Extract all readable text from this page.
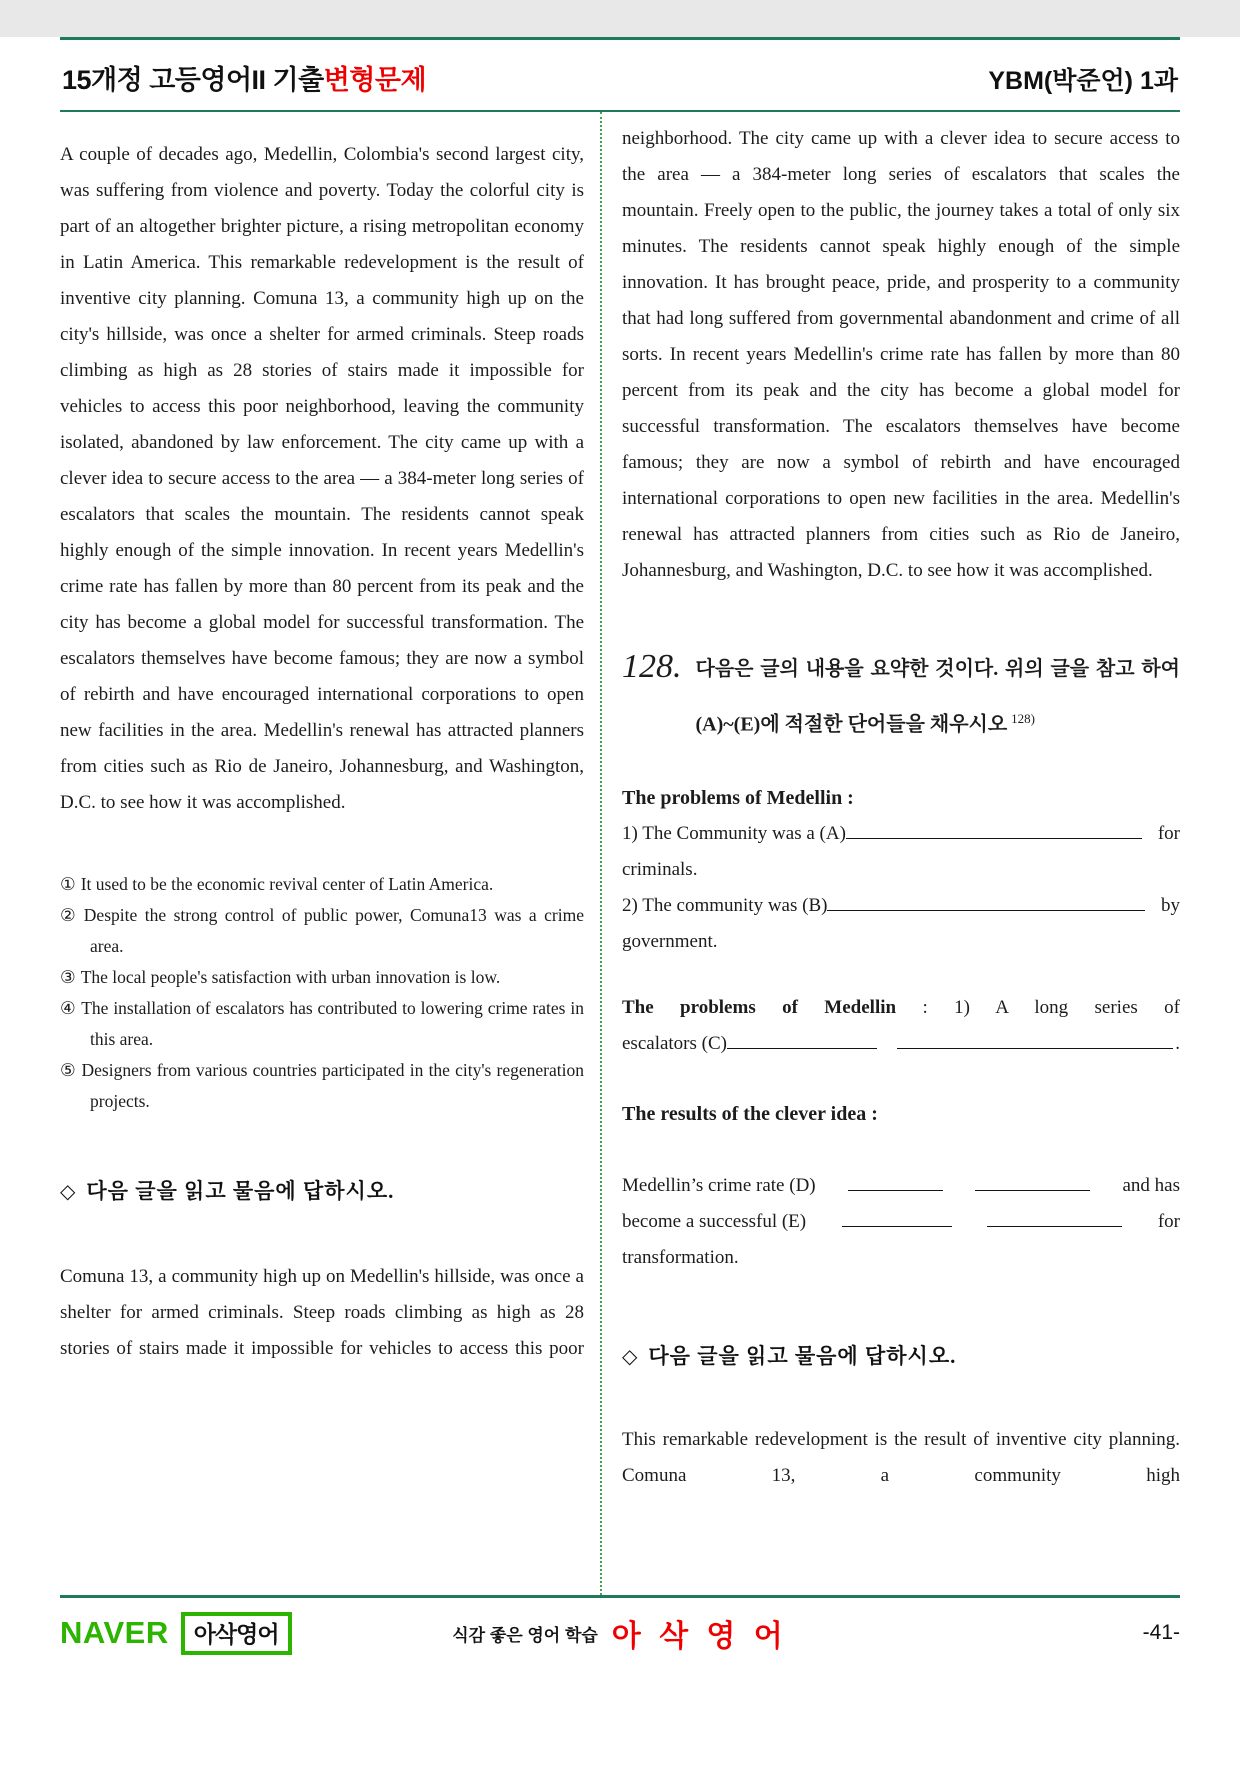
15개정 고등영어II 기출변형문제	YBM(박준언) 1과

A couple of decades ago, Medellin, Colombia's second largest city, was suffering from violence and poverty. Today the colorful city is part of an altogether brighter picture, a rising metropolitan economy in Latin America. This remarkable redevelopment is the result of inventive city planning. Comuna 13, a community high up on the city's hillside, was once a shelter for armed criminals. Steep roads climbing as high as 28 stories of stairs made it impossible for vehicles to access this poor neighborhood, leaving the community isolated, abandoned by law enforcement. The city came up with a clever idea to secure access to the area — a 384-meter long series of escalators that scales the mountain. The residents cannot speak highly enough of the simple innovation. In recent years Medellin's crime rate has fallen by more than 80 percent from its peak and the city has become a global model for successful transformation. The escalators themselves have become famous; they are now a symbol of rebirth and have encouraged international corporations to open new facilities in the area. Medellin's renewal has attracted planners from cities such as Rio de Janeiro, Johannesburg, and Washington, D.C. to see how it was accomplished.

① It used to be the economic revival center of Latin America.
② Despite the strong control of public power, Comuna13 was a crime area.
③ The local people's satisfaction with urban innovation is low.
④ The installation of escalators has contributed to lowering crime rates in this area.
⑤ Designers from various countries participated in the city's regeneration projects.
◇ 다음 글을 읽고 물음에 답하시오.

Comuna 13, a community high up on Medellin's hillside, was once a shelter for armed criminals. Steep roads climbing as high as 28 stories of stairs made it impossible for vehicles to access this poor

neighborhood. The city came up with a clever idea to secure access to the area — a 384-meter long series of escalators that scales the mountain. Freely open to the public, the journey takes a total of only six minutes. The residents cannot speak highly enough of the simple innovation. It has brought peace, pride, and prosperity to a community that had long suffered from governmental abandonment and crime of all sorts. In recent years Medellin's crime rate has fallen by more than 80 percent from its peak and the city has become a global model for successful transformation. The escalators themselves have become famous; they are now a symbol of rebirth and have encouraged international corporations to open new facilities in the area. Medellin's renewal has attracted planners from cities such as Rio de Janeiro, Johannesburg, and Washington, D.C. to see how it was accomplished.

128. 다음은 글의 내용을 요약한 것이다. 위의 글을 참고 하여 (A)~(E)에 적절한 단어들을 채우시오 $^{128)}$
The problems of Medellin :
1) The Community was a (A)	for
criminals.
2) The community was (B)	by
government.
The problems of Medellin : 1) A long series of
escalators (C)	.
The results of the clever idea :
Medellin’s crime rate (D)	and has
become a successful (E)	for
transformation.
◇ 다음 글을 읽고 물음에 답하시오.

This remarkable redevelopment is the result of inventive city planning. Comuna 13, a community high

NAVER	아삭영어	식감 좋은 영어 학습 아 삭 영 어	-41-
